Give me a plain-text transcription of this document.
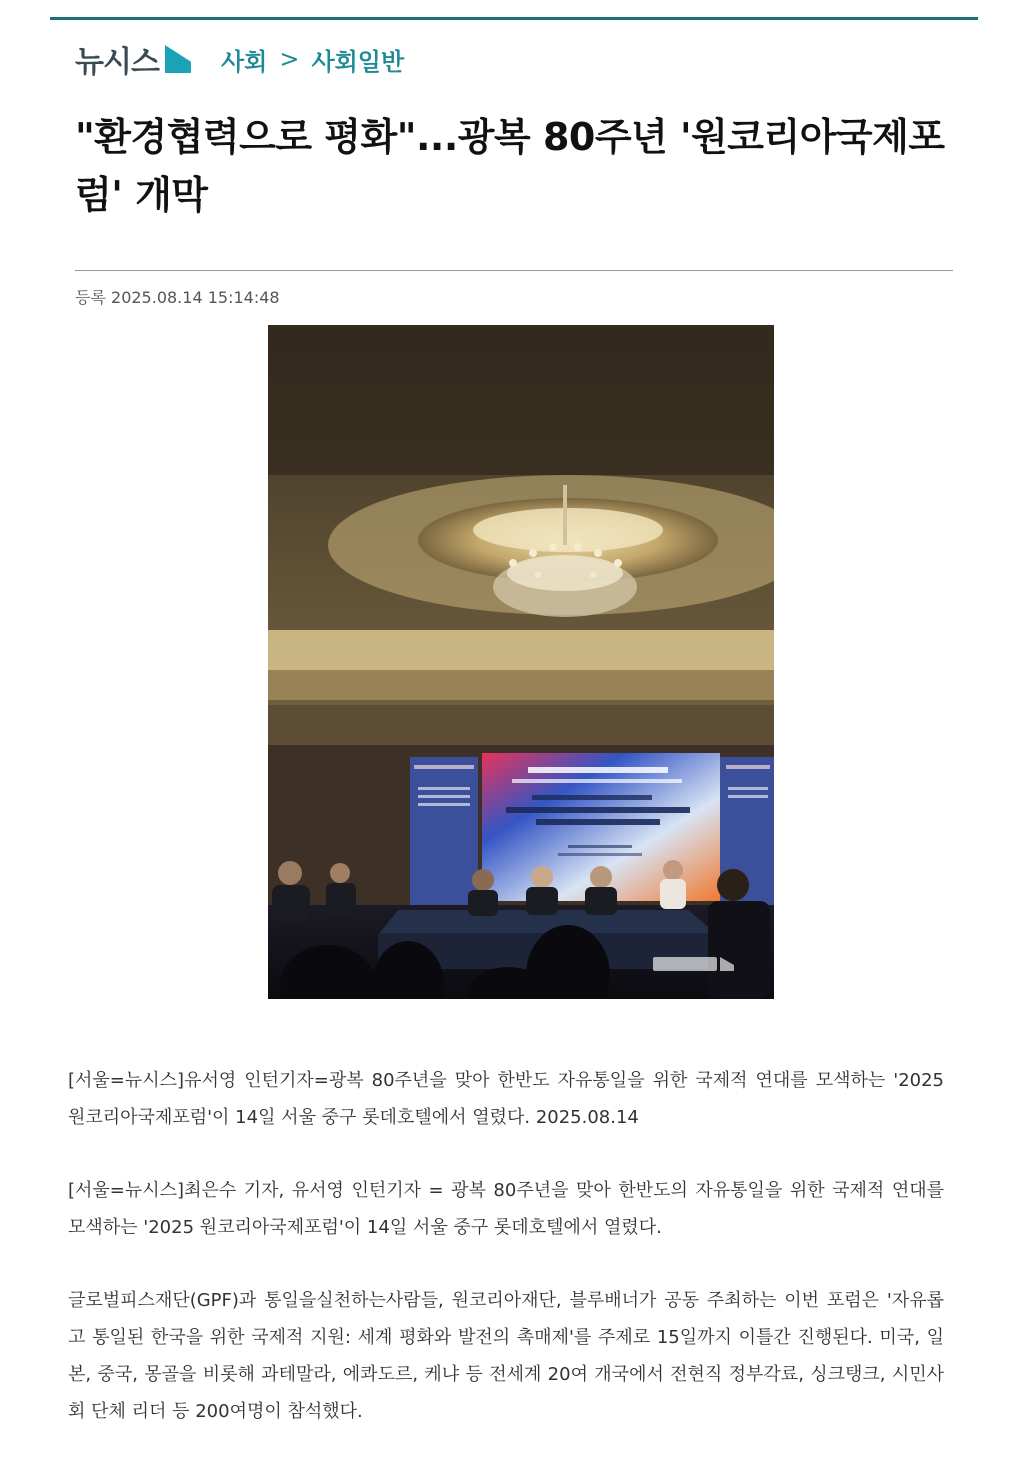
뉴시스	사회 > 사회일반
"환경협력으로 평화"...광복 80주년 '원코리아국제포럼' 개막
등록 2025.08.14 15:14:48

[서울=뉴시스]유서영 인턴기자=광복 80주년을 맞아 한반도 자유통일을 위한 국제적 연대를 모색하는 '2025 원코리아국제포럼'이 14일 서울 중구 롯데호텔에서 열렸다. 2025.08.14

[서울=뉴시스]최은수 기자, 유서영 인턴기자 = 광복 80주년을 맞아 한반도의 자유통일을 위한 국제적 연대를 모색하는 '2025 원코리아국제포럼'이 14일 서울 중구 롯데호텔에서 열렸다.

글로벌피스재단(GPF)과 통일을실천하는사람들, 원코리아재단, 블루배너가 공동 주최하는 이번 포럼은 '자유롭고 통일된 한국을 위한 국제적 지원: 세계 평화와 발전의 촉매제'를 주제로 15일까지 이틀간 진행된다. 미국, 일본, 중국, 몽골을 비롯해 과테말라, 에콰도르, 케냐 등 전세계 20여 개국에서 전현직 정부각료, 싱크탱크, 시민사회 단체 리더 등 200여명이 참석했다.
